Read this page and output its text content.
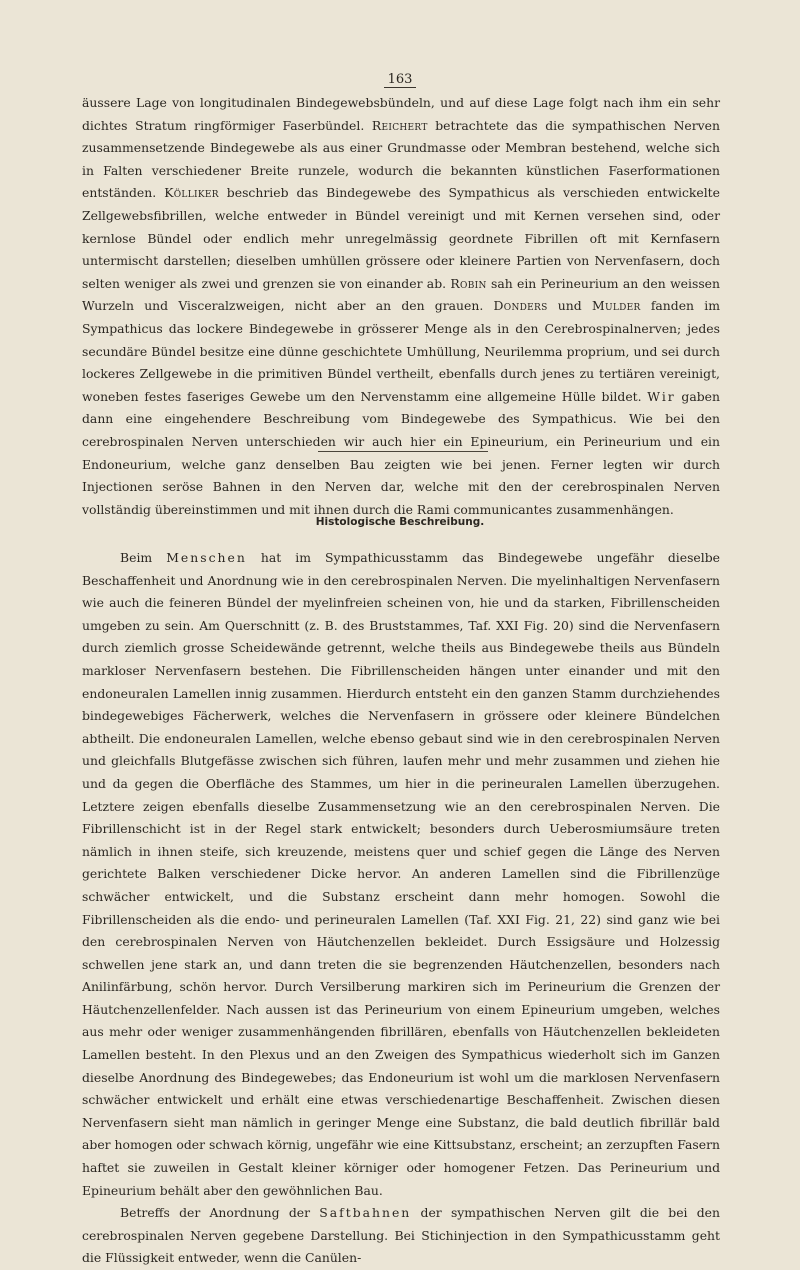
163

äussere Lage von longitudinalen Bindegewebsbündeln, und auf diese Lage folgt nach ihm ein sehr dichtes Stratum ringförmiger Faserbündel. Reichert betrachtete das die sympathischen Nerven zusammensetzende Bindegewebe als aus einer Grundmasse oder Membran bestehend, welche sich in Falten verschiedener Breite runzele, wodurch die bekannten künstlichen Faserformationen entständen. Kölliker beschrieb das Bindegewebe des Sympathicus als verschieden entwickelte Zellgewebsfibrillen, welche entweder in Bündel vereinigt und mit Kernen versehen sind, oder kernlose Bündel oder endlich mehr unregelmässig geordnete Fibrillen oft mit Kernfasern untermischt darstellen; dieselben umhüllen grössere oder kleinere Partien von Nervenfasern, doch selten weniger als zwei und grenzen sie von einander ab. Robin sah ein Perineurium an den weissen Wurzeln und Visceralzweigen, nicht aber an den grauen. Donders und Mulder fanden im Sympathicus das lockere Bindegewebe in grösserer Menge als in den Cerebrospinalnerven; jedes secundäre Bündel besitze eine dünne geschichtete Umhüllung, Neurilemma proprium, und sei durch lockeres Zellgewebe in die primitiven Bündel vertheilt, ebenfalls durch jenes zu tertiären vereinigt, woneben festes faseriges Gewebe um den Nervenstamm eine allgemeine Hülle bildet. Wir gaben dann eine eingehendere Beschreibung vom Bindegewebe des Sympathicus. Wie bei den cerebrospinalen Nerven unterschieden wir auch hier ein Epineurium, ein Perineurium und ein Endoneurium, welche ganz denselben Bau zeigten wie bei jenen. Ferner legten wir durch Injectionen seröse Bahnen in den Nerven dar, welche mit den der cerebrospinalen Nerven vollständig übereinstimmen und mit ihnen durch die Rami communicantes zusammenhängen.

Histologische Beschreibung.

Beim Menschen hat im Sympathicusstamm das Bindegewebe ungefähr dieselbe Beschaffenheit und Anordnung wie in den cerebrospinalen Nerven. Die myelinhaltigen Nervenfasern wie auch die feineren Bündel der myelinfreien scheinen von, hie und da starken, Fibrillenscheiden umgeben zu sein. Am Querschnitt (z. B. des Bruststammes, Taf. XXI Fig. 20) sind die Nervenfasern durch ziemlich grosse Scheidewände getrennt, welche theils aus Bindegewebe theils aus Bündeln markloser Nervenfasern bestehen. Die Fibrillenscheiden hängen unter einander und mit den endoneuralen Lamellen innig zusammen. Hierdurch entsteht ein den ganzen Stamm durchziehendes bindegewebiges Fächerwerk, welches die Nervenfasern in grössere oder kleinere Bündelchen abtheilt. Die endoneuralen Lamellen, welche ebenso gebaut sind wie in den cerebrospinalen Nerven und gleichfalls Blutgefässe zwischen sich führen, laufen mehr und mehr zusammen und ziehen hie und da gegen die Oberfläche des Stammes, um hier in die perineuralen Lamellen überzugehen. Letztere zeigen ebenfalls dieselbe Zusammensetzung wie an den cerebrospinalen Nerven. Die Fibrillenschicht ist in der Regel stark entwickelt; besonders durch Ueberosmiumsäure treten nämlich in ihnen steife, sich kreuzende, meistens quer und schief gegen die Länge des Nerven gerichtete Balken verschiedener Dicke hervor. An anderen Lamellen sind die Fibrillenzüge schwächer entwickelt, und die Substanz erscheint dann mehr homogen. Sowohl die Fibrillenscheiden als die endo- und perineuralen Lamellen (Taf. XXI Fig. 21, 22) sind ganz wie bei den cerebrospinalen Nerven von Häutchenzellen bekleidet. Durch Essigsäure und Holzessig schwellen jene stark an, und dann treten die sie begrenzenden Häutchenzellen, besonders nach Anilinfärbung, schön hervor. Durch Versilberung markiren sich im Perineurium die Grenzen der Häutchenzellenfelder. Nach aussen ist das Perineurium von einem Epineurium umgeben, welches aus mehr oder weniger zusammenhängenden fibrillären, ebenfalls von Häutchenzellen bekleideten Lamellen besteht. In den Plexus und an den Zweigen des Sympathicus wiederholt sich im Ganzen dieselbe Anordnung des Bindegewebes; das Endoneurium ist wohl um die marklosen Nervenfasern schwächer entwickelt und erhält eine etwas verschiedenartige Beschaffenheit. Zwischen diesen Nervenfasern sieht man nämlich in geringer Menge eine Substanz, die bald deutlich fibrillär bald aber homogen oder schwach körnig, ungefähr wie eine Kittsubstanz, erscheint; an zerzupften Fasern haftet sie zuweilen in Gestalt kleiner körniger oder homogener Fetzen. Das Perineurium und Epineurium behält aber den gewöhnlichen Bau.

Betreffs der Anordnung der Saftbahnen der sympathischen Nerven gilt die bei den cerebrospinalen Nerven gegebene Darstellung. Bei Stichinjection in den Sympathicusstamm geht die Flüssigkeit entweder, wenn die Canülen-
